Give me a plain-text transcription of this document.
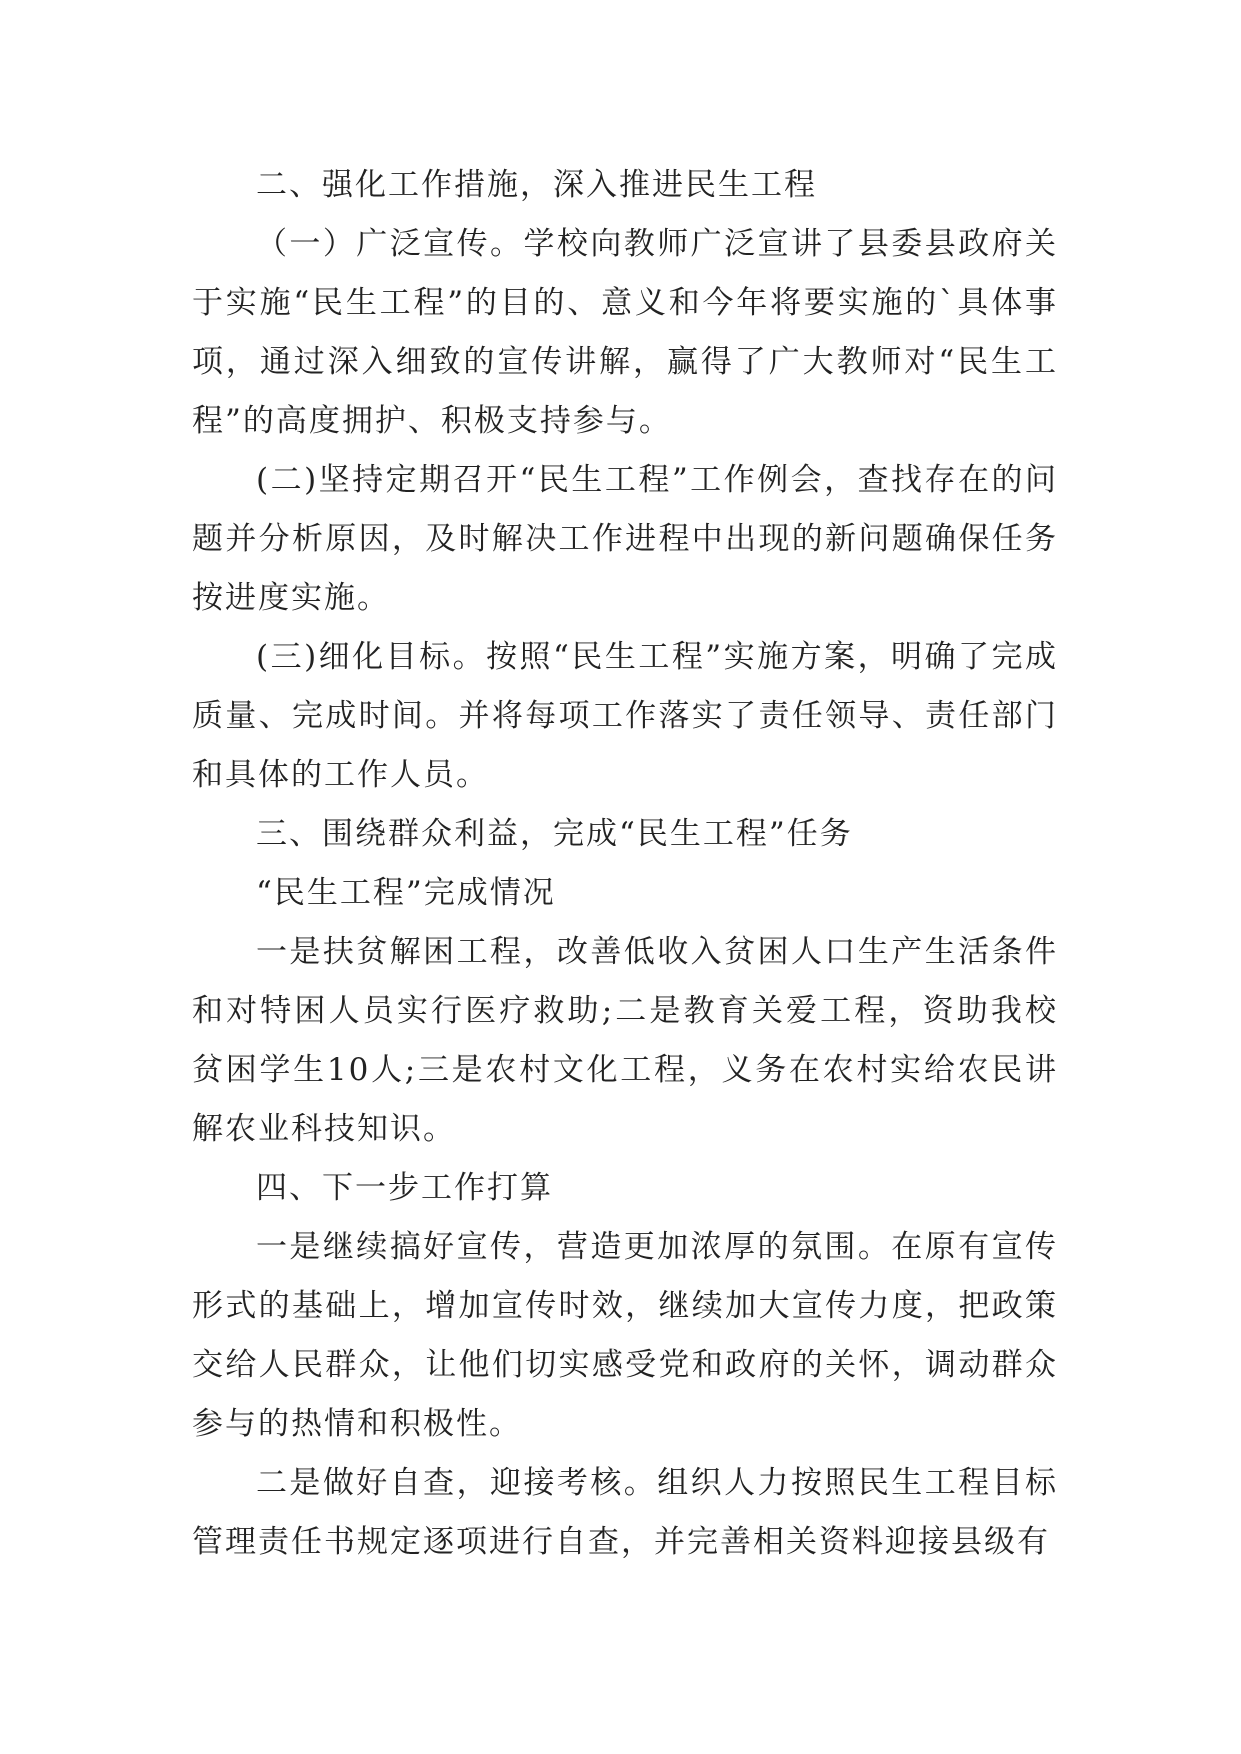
二、强化工作措施，深入推进民生工程

（一）广泛宣传。学校向教师广泛宣讲了县委县政府关于实施“民生工程”的目的、意义和今年将要实施的`具体事项，通过深入细致的宣传讲解，赢得了广大教师对“民生工程”的高度拥护、积极支持参与。

(二)坚持定期召开“民生工程”工作例会，查找存在的问题并分析原因，及时解决工作进程中出现的新问题确保任务按进度实施。

(三)细化目标。按照“民生工程”实施方案，明确了完成质量、完成时间。并将每项工作落实了责任领导、责任部门和具体的工作人员。

三、围绕群众利益，完成“民生工程”任务

“民生工程”完成情况

一是扶贫解困工程，改善低收入贫困人口生产生活条件和对特困人员实行医疗救助;二是教育关爱工程，资助我校贫困学生10人;三是农村文化工程，义务在农村实给农民讲解农业科技知识。

四、下一步工作打算

一是继续搞好宣传，营造更加浓厚的氛围。在原有宣传形式的基础上，增加宣传时效，继续加大宣传力度，把政策交给人民群众，让他们切实感受党和政府的关怀，调动群众参与的热情和积极性。

二是做好自查，迎接考核。组织人力按照民生工程目标管理责任书规定逐项进行自查，并完善相关资料迎接县级有
